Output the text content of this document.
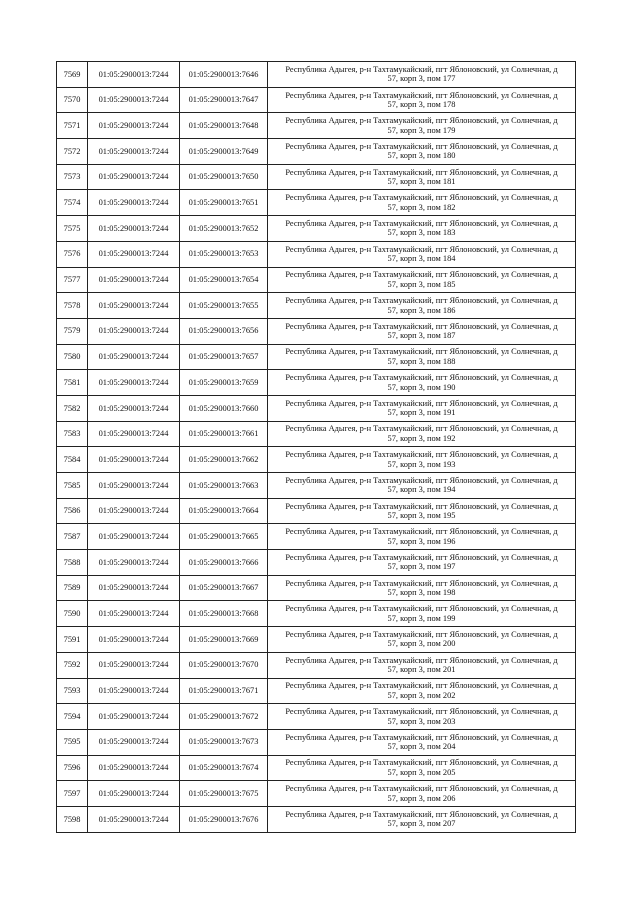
7569	01:05:2900013:7244	01:05:2900013:7646	Республика Адыгея, р-н Тахтамукайский, пгт Яблоновский, ул Солнечная, д
57, корп 3, пом 177

7570	01:05:2900013:7244	01:05:2900013:7647	Республика Адыгея, р-н Тахтамукайский, пгт Яблоновский, ул Солнечная, д
57, корп 3, пом 178

7571	01:05:2900013:7244	01:05:2900013:7648	Республика Адыгея, р-н Тахтамукайский, пгт Яблоновский, ул Солнечная, д
57, корп 3, пом 179

7572	01:05:2900013:7244	01:05:2900013:7649	Республика Адыгея, р-н Тахтамукайский, пгт Яблоновский, ул Солнечная, д
57, корп 3, пом 180

7573	01:05:2900013:7244	01:05:2900013:7650	Республика Адыгея, р-н Тахтамукайский, пгт Яблоновский, ул Солнечная, д
57, корп 3, пом 181

7574	01:05:2900013:7244	01:05:2900013:7651	Республика Адыгея, р-н Тахтамукайский, пгт Яблоновский, ул Солнечная, д
57, корп 3, пом 182

7575	01:05:2900013:7244	01:05:2900013:7652	Республика Адыгея, р-н Тахтамукайский, пгт Яблоновский, ул Солнечная, д
57, корп 3, пом 183

7576	01:05:2900013:7244	01:05:2900013:7653	Республика Адыгея, р-н Тахтамукайский, пгт Яблоновский, ул Солнечная, д
57, корп 3, пом 184

7577	01:05:2900013:7244	01:05:2900013:7654	Республика Адыгея, р-н Тахтамукайский, пгт Яблоновский, ул Солнечная, д
57, корп 3, пом 185

7578	01:05:2900013:7244	01:05:2900013:7655	Республика Адыгея, р-н Тахтамукайский, пгт Яблоновский, ул Солнечная, д
57, корп 3, пом 186

7579	01:05:2900013:7244	01:05:2900013:7656	Республика Адыгея, р-н Тахтамукайский, пгт Яблоновский, ул Солнечная, д
57, корп 3, пом 187

7580	01:05:2900013:7244	01:05:2900013:7657	Республика Адыгея, р-н Тахтамукайский, пгт Яблоновский, ул Солнечная, д
57, корп 3, пом 188

7581	01:05:2900013:7244	01:05:2900013:7659	Республика Адыгея, р-н Тахтамукайский, пгт Яблоновский, ул Солнечная, д
57, корп 3, пом 190

7582	01:05:2900013:7244	01:05:2900013:7660	Республика Адыгея, р-н Тахтамукайский, пгт Яблоновский, ул Солнечная, д
57, корп 3, пом 191

7583	01:05:2900013:7244	01:05:2900013:7661	Республика Адыгея, р-н Тахтамукайский, пгт Яблоновский, ул Солнечная, д
57, корп 3, пом 192

7584	01:05:2900013:7244	01:05:2900013:7662	Республика Адыгея, р-н Тахтамукайский, пгт Яблоновский, ул Солнечная, д
57, корп 3, пом 193

7585	01:05:2900013:7244	01:05:2900013:7663	Республика Адыгея, р-н Тахтамукайский, пгт Яблоновский, ул Солнечная, д
57, корп 3, пом 194

7586	01:05:2900013:7244	01:05:2900013:7664	Республика Адыгея, р-н Тахтамукайский, пгт Яблоновский, ул Солнечная, д
57, корп 3, пом 195

7587	01:05:2900013:7244	01:05:2900013:7665	Республика Адыгея, р-н Тахтамукайский, пгт Яблоновский, ул Солнечная, д
57, корп 3, пом 196

7588	01:05:2900013:7244	01:05:2900013:7666	Республика Адыгея, р-н Тахтамукайский, пгт Яблоновский, ул Солнечная, д
57, корп 3, пом 197

7589	01:05:2900013:7244	01:05:2900013:7667	Республика Адыгея, р-н Тахтамукайский, пгт Яблоновский, ул Солнечная, д
57, корп 3, пом 198

7590	01:05:2900013:7244	01:05:2900013:7668	Республика Адыгея, р-н Тахтамукайский, пгт Яблоновский, ул Солнечная, д
57, корп 3, пом 199

7591	01:05:2900013:7244	01:05:2900013:7669	Республика Адыгея, р-н Тахтамукайский, пгт Яблоновский, ул Солнечная, д
57, корп 3, пом 200

7592	01:05:2900013:7244	01:05:2900013:7670	Республика Адыгея, р-н Тахтамукайский, пгт Яблоновский, ул Солнечная, д
57, корп 3, пом 201

7593	01:05:2900013:7244	01:05:2900013:7671	Республика Адыгея, р-н Тахтамукайский, пгт Яблоновский, ул Солнечная, д
57, корп 3, пом 202

7594	01:05:2900013:7244	01:05:2900013:7672	Республика Адыгея, р-н Тахтамукайский, пгт Яблоновский, ул Солнечная, д
57, корп 3, пом 203

7595	01:05:2900013:7244	01:05:2900013:7673	Республика Адыгея, р-н Тахтамукайский, пгт Яблоновский, ул Солнечная, д
57, корп 3, пом 204

7596	01:05:2900013:7244	01:05:2900013:7674	Республика Адыгея, р-н Тахтамукайский, пгт Яблоновский, ул Солнечная, д
57, корп 3, пом 205

7597	01:05:2900013:7244	01:05:2900013:7675	Республика Адыгея, р-н Тахтамукайский, пгт Яблоновский, ул Солнечная, д
57, корп 3, пом 206

7598	01:05:2900013:7244	01:05:2900013:7676	Республика Адыгея, р-н Тахтамукайский, пгт Яблоновский, ул Солнечная, д
57, корп 3, пом 207
